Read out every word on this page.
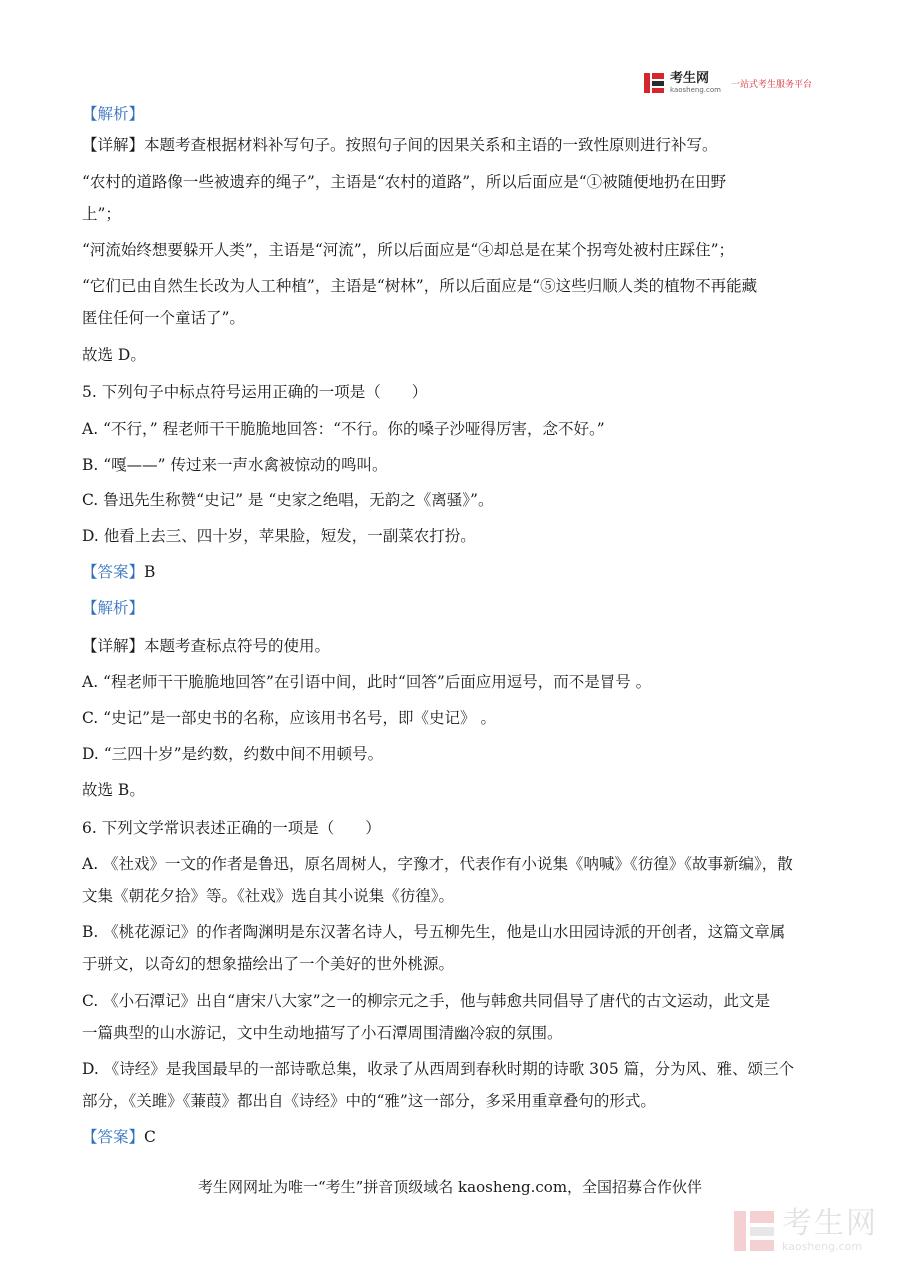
考生网
kaosheng.com
一站式考生服务平台

【解析】

【详解】本题考查根据材料补写句子。按照句子间的因果关系和主语的一致性原则进行补写。

“农村的道路像一些被遗弃的绳子”，主语是“农村的道路”，所以后面应是“①被随便地扔在田野

上”；

“河流始终想要躲开人类”，主语是“河流”，所以后面应是“④却总是在某个拐弯处被村庄踩住”；

“它们已由自然生长改为人工种植”，主语是“树林”，所以后面应是“⑤这些归顺人类的植物不再能藏

匿住任何一个童话了”。

故选 D。

5. 下列句子中标点符号运用正确的一项是（　　）

A. “不行，” 程老师干干脆脆地回答：“不行。你的嗓子沙哑得厉害，念不好。”

B. “嘎——” 传过来一声水禽被惊动的鸣叫。

C. 鲁迅先生称赞“史记” 是 “史家之绝唱，无韵之《离骚》”。

D. 他看上去三、四十岁，苹果脸，短发，一副菜农打扮。

【答案】B

【解析】

【详解】本题考查标点符号的使用。

A. “程老师干干脆脆地回答”在引语中间，此时“回答”后面应用逗号，而不是冒号 。

C. “史记”是一部史书的名称，应该用书名号，即《史记》 。

D. “三四十岁”是约数，约数中间不用顿号。

故选 B。

6. 下列文学常识表述正确的一项是（　　）

A. 《社戏》一文的作者是鲁迅，原名周树人，字豫才，代表作有小说集《呐喊》《彷徨》《故事新编》，散

文集《朝花夕拾》等。《社戏》选自其小说集《彷徨》。

B. 《桃花源记》的作者陶渊明是东汉著名诗人，号五柳先生，他是山水田园诗派的开创者，这篇文章属

于骈文，以奇幻的想象描绘出了一个美好的世外桃源。

C. 《小石潭记》出自“唐宋八大家”之一的柳宗元之手，他与韩愈共同倡导了唐代的古文运动，此文是

一篇典型的山水游记，文中生动地描写了小石潭周围清幽冷寂的氛围。

D. 《诗经》是我国最早的一部诗歌总集，收录了从西周到春秋时期的诗歌 305 篇，分为风、雅、颂三个

部分，《关雎》《蒹葭》都出自《诗经》中的“雅”这一部分，多采用重章叠句的形式。

【答案】C

考生网网址为唯一“考生”拼音顶级域名 kaosheng.com，全国招募合作伙伴
考生网
kaosheng.com
